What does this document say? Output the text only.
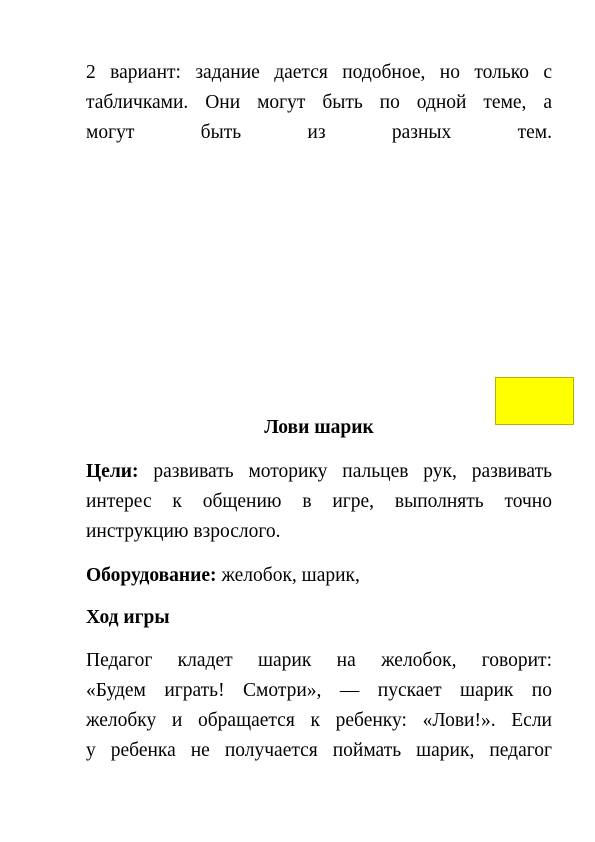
2 вариант: задание дается подобное, но только с
табличками. Они могут быть по одной теме, а
могут быть из разных тем.
Лови шарик
Цели: развивать моторику пальцев рук, развивать
интерес к общению в игре, выполнять точно
инструкцию взрослого.
Оборудование: желобок, шарик,
Ход игры
Педагог кладет шарик на желобок, говорит:
«Будем играть! Смотри», — пускает шарик по
желобку и обращается к ребенку: «Лови!». Если
у ребенка не получается поймать шарик, педагог
